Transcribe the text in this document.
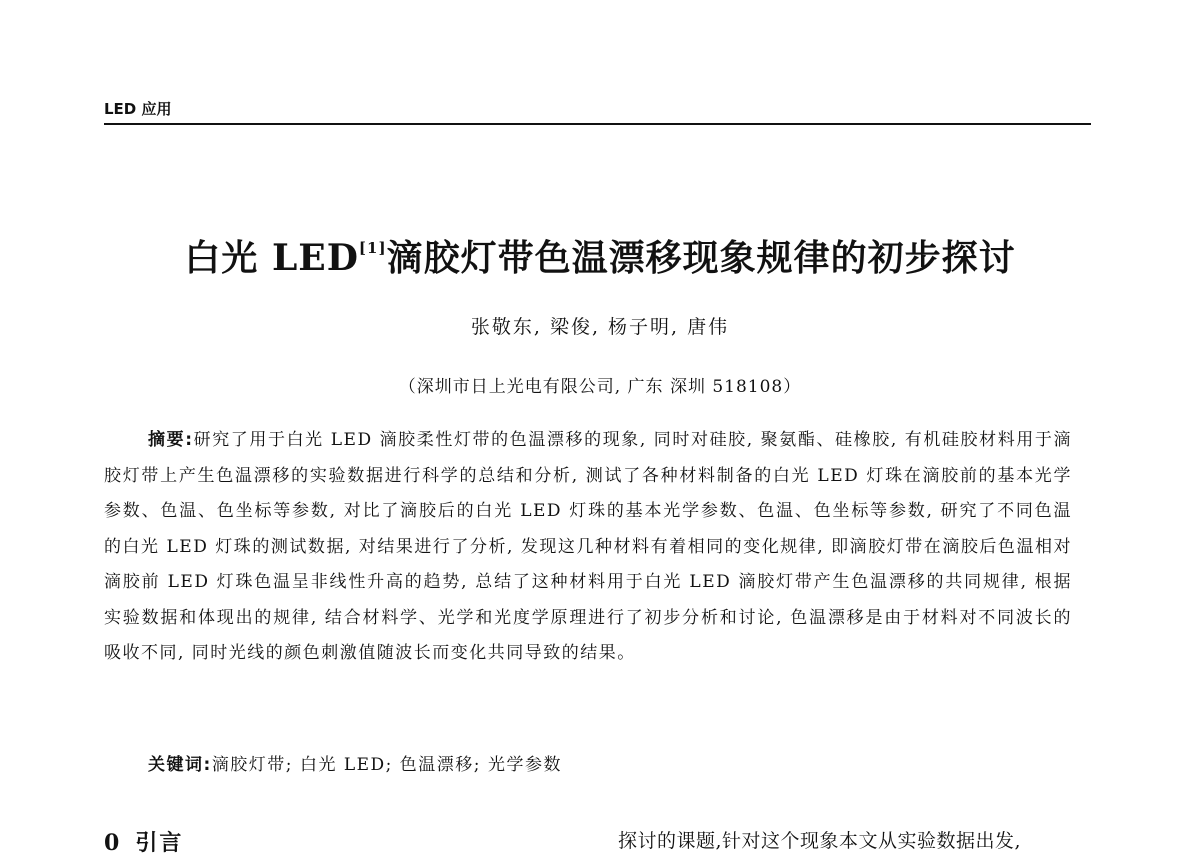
LED 应用
白光 LED[1]滴胶灯带色温漂移现象规律的初步探讨
张敬东, 梁俊, 杨子明, 唐伟
（深圳市日上光电有限公司, 广东 深圳 518108）
摘要:研究了用于白光 LED 滴胶柔性灯带的色温漂移的现象, 同时对硅胶, 聚氨酯、硅橡胶, 有机硅胶材料用于滴胶灯带上产生色温漂移的实验数据进行科学的总结和分析, 测试了各种材料制备的白光 LED 灯珠在滴胶前的基本光学参数、色温、色坐标等参数, 对比了滴胶后的白光 LED 灯珠的基本光学参数、色温、色坐标等参数, 研究了不同色温的白光 LED 灯珠的测试数据, 对结果进行了分析, 发现这几种材料有着相同的变化规律, 即滴胶灯带在滴胶后色温相对滴胶前 LED 灯珠色温呈非线性升高的趋势, 总结了这种材料用于白光 LED 滴胶灯带产生色温漂移的共同规律, 根据实验数据和体现出的规律, 结合材料学、光学和光度学原理进行了初步分析和讨论, 色温漂移是由于材料对不同波长的吸收不同, 同时光线的颜色刺激值随波长而变化共同导致的结果。
关键词:滴胶灯带; 白光 LED; 色温漂移; 光学参数
0 引言	探讨的课题,针对这个现象本文从实验数据出发,
